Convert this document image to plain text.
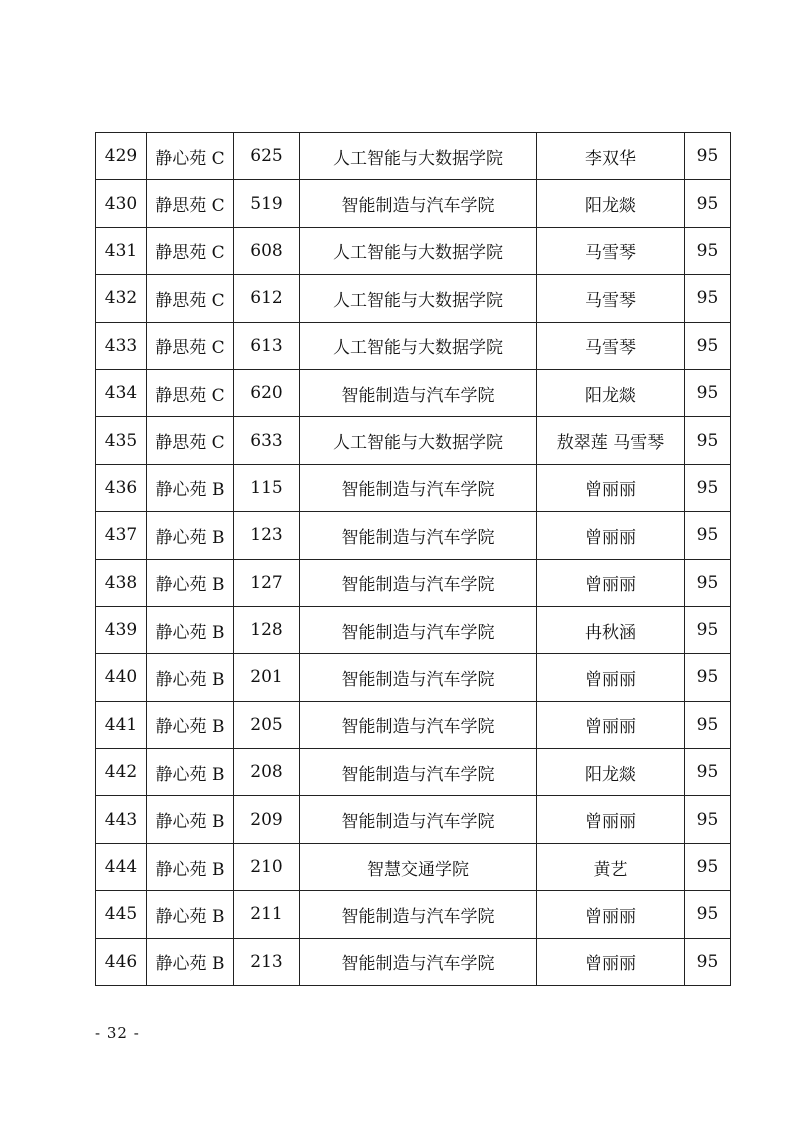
429	静心苑 C	625	人工智能与大数据学院	李双华	95
430	静思苑 C	519	智能制造与汽车学院	阳龙燚	95
431	静思苑 C	608	人工智能与大数据学院	马雪琴	95
432	静思苑 C	612	人工智能与大数据学院	马雪琴	95
433	静思苑 C	613	人工智能与大数据学院	马雪琴	95
434	静思苑 C	620	智能制造与汽车学院	阳龙燚	95
435	静思苑 C	633	人工智能与大数据学院	敖翠莲 马雪琴	95
436	静心苑 B	115	智能制造与汽车学院	曾丽丽	95
437	静心苑 B	123	智能制造与汽车学院	曾丽丽	95
438	静心苑 B	127	智能制造与汽车学院	曾丽丽	95
439	静心苑 B	128	智能制造与汽车学院	冉秋涵	95
440	静心苑 B	201	智能制造与汽车学院	曾丽丽	95
441	静心苑 B	205	智能制造与汽车学院	曾丽丽	95
442	静心苑 B	208	智能制造与汽车学院	阳龙燚	95
443	静心苑 B	209	智能制造与汽车学院	曾丽丽	95
444	静心苑 B	210	智慧交通学院	黄艺	95
445	静心苑 B	211	智能制造与汽车学院	曾丽丽	95
446	静心苑 B	213	智能制造与汽车学院	曾丽丽	95
- 32 -
